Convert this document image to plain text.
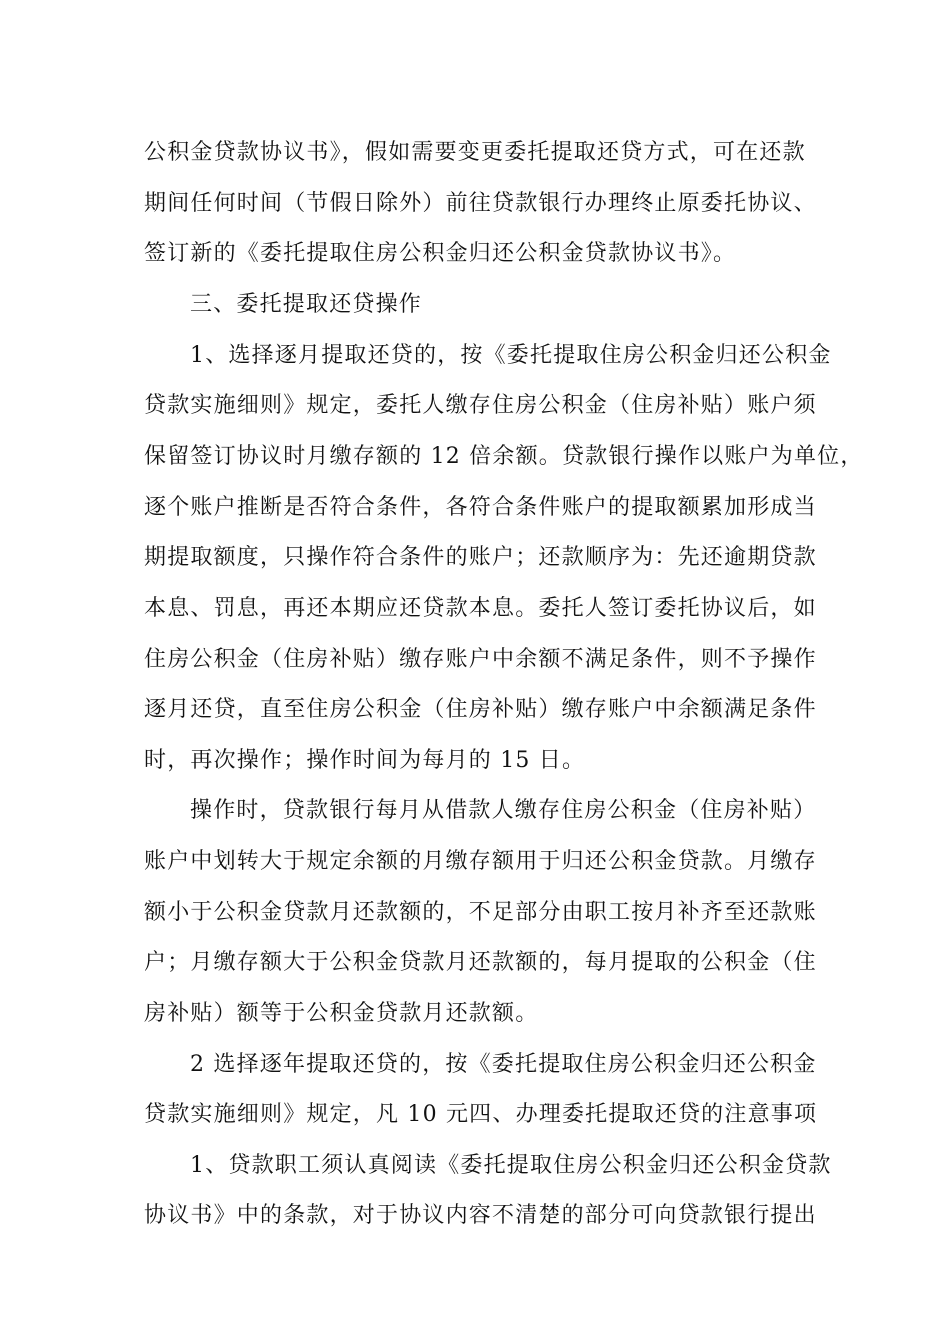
公积金贷款协议书》，假如需要变更委托提取还贷方式，可在还款
期间任何时间（节假日除外）前往贷款银行办理终止原委托协议、
签订新的《委托提取住房公积金归还公积金贷款协议书》。
三、委托提取还贷操作
1、选择逐月提取还贷的，按《委托提取住房公积金归还公积金
贷款实施细则》规定，委托人缴存住房公积金（住房补贴）账户须
保留签订协议时月缴存额的 12 倍余额。贷款银行操作以账户为单位，
逐个账户推断是否符合条件，各符合条件账户的提取额累加形成当
期提取额度，只操作符合条件的账户；还款顺序为：先还逾期贷款
本息、罚息，再还本期应还贷款本息。委托人签订委托协议后，如
住房公积金（住房补贴）缴存账户中余额不满足条件，则不予操作
逐月还贷，直至住房公积金（住房补贴）缴存账户中余额满足条件
时，再次操作；操作时间为每月的 15 日。
操作时，贷款银行每月从借款人缴存住房公积金（住房补贴）
账户中划转大于规定余额的月缴存额用于归还公积金贷款。月缴存
额小于公积金贷款月还款额的，不足部分由职工按月补齐至还款账
户；月缴存额大于公积金贷款月还款额的，每月提取的公积金（住
房补贴）额等于公积金贷款月还款额。
2 选择逐年提取还贷的，按《委托提取住房公积金归还公积金
贷款实施细则》规定，凡 10 元四、办理委托提取还贷的注意事项
1、贷款职工须认真阅读《委托提取住房公积金归还公积金贷款
协议书》中的条款，对于协议内容不清楚的部分可向贷款银行提出
